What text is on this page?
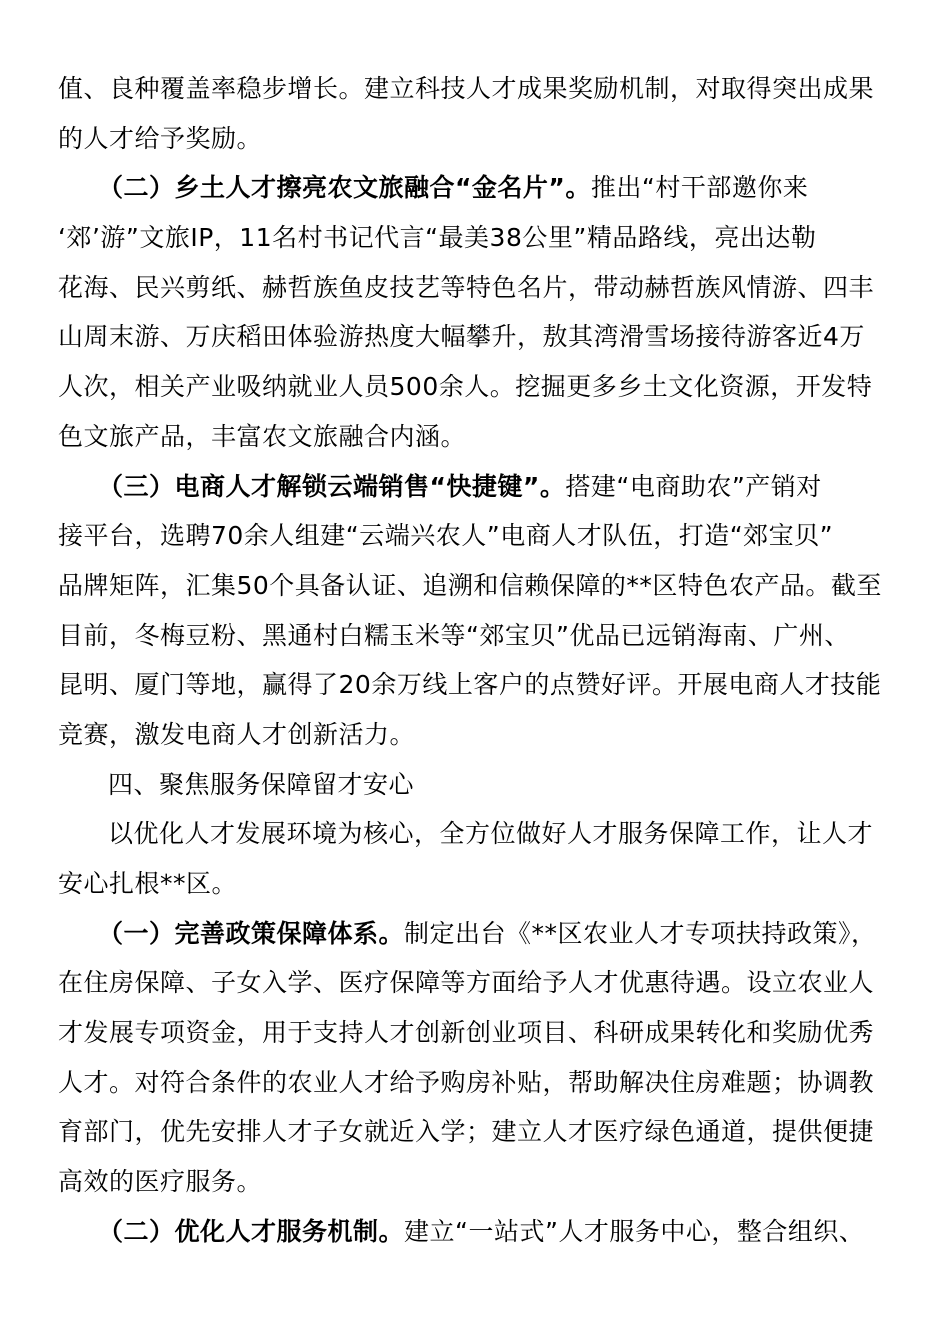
值、良种覆盖率稳步增长。建立科技人才成果奖励机制，对取得突出成果
的人才给予奖励。
（二）乡土人才擦亮农文旅融合“金名片”。推出“村干部邀你来
‘郊’游”文旅IP，11名村书记代言“最美38公里”精品路线，亮出达勒
花海、民兴剪纸、赫哲族鱼皮技艺等特色名片，带动赫哲族风情游、四丰
山周末游、万庆稻田体验游热度大幅攀升，敖其湾滑雪场接待游客近4万
人次，相关产业吸纳就业人员500余人。挖掘更多乡土文化资源，开发特
色文旅产品，丰富农文旅融合内涵。
（三）电商人才解锁云端销售“快捷键”。搭建“电商助农”产销对
接平台，选聘70余人组建“云端兴农人”电商人才队伍，打造“郊宝贝”
品牌矩阵，汇集50个具备认证、追溯和信赖保障的**区特色农产品。截至
目前，冬梅豆粉、黑通村白糯玉米等“郊宝贝”优品已远销海南、广州、
昆明、厦门等地，赢得了20余万线上客户的点赞好评。开展电商人才技能
竞赛，激发电商人才创新活力。
四、聚焦服务保障留才安心
以优化人才发展环境为核心，全方位做好人才服务保障工作，让人才
安心扎根**区。
（一）完善政策保障体系。制定出台《**区农业人才专项扶持政策》，
在住房保障、子女入学、医疗保障等方面给予人才优惠待遇。设立农业人
才发展专项资金，用于支持人才创新创业项目、科研成果转化和奖励优秀
人才。对符合条件的农业人才给予购房补贴，帮助解决住房难题；协调教
育部门，优先安排人才子女就近入学；建立人才医疗绿色通道，提供便捷
高效的医疗服务。
（二）优化人才服务机制。建立“一站式”人才服务中心，整合组织、
